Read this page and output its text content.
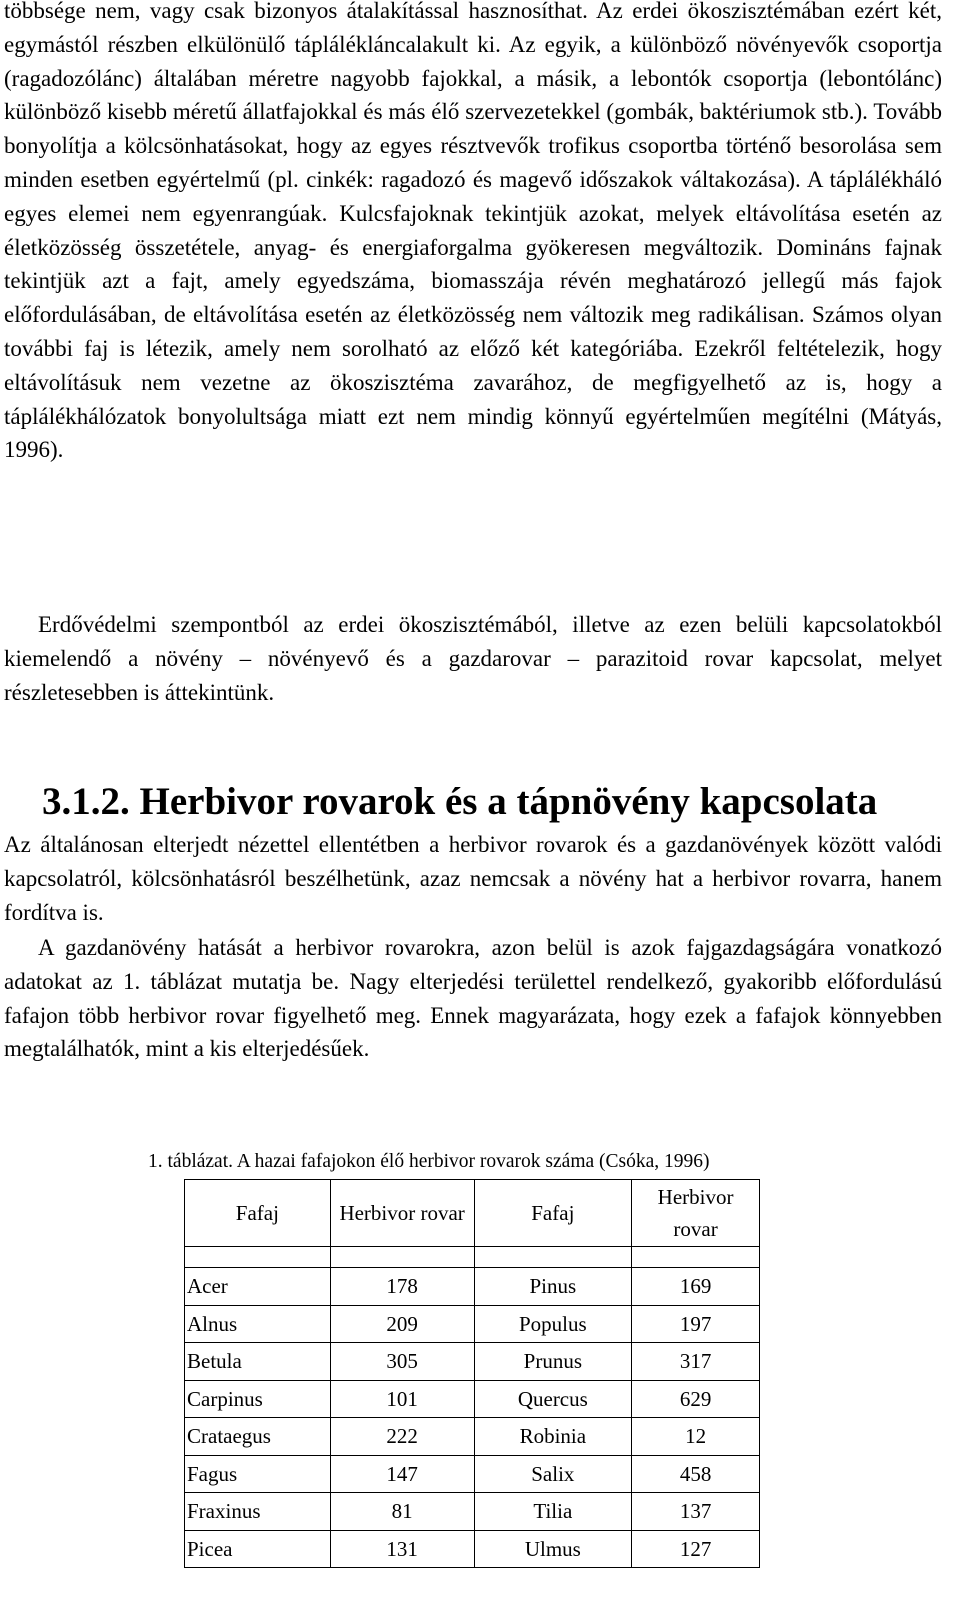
többsége nem, vagy csak bizonyos átalakítással hasznosíthat. Az erdei ökoszisztémában ezért két, egymástól részben elkülönülő táplálékláncalakult ki. Az egyik, a különböző növényevők csoportja (ragadozólánc) általában méretre nagyobb fajokkal, a másik, a lebontók csoportja (lebontólánc) különböző kisebb méretű állatfajokkal és más élő szervezetekkel (gombák, baktériumok stb.). Tovább bonyolítja a kölcsönhatásokat, hogy az egyes résztvevők trofikus csoportba történő besorolása sem minden esetben egyértelmű (pl. cinkék: ragadozó és magevő időszakok váltakozása). A táplálékháló egyes elemei nem egyenrangúak. Kulcsfajoknak tekintjük azokat, melyek eltávolítása esetén az életközösség összetétele, anyag- és energiaforgalma gyökeresen megváltozik. Domináns fajnak tekintjük azt a fajt, amely egyedszáma, biomasszája révén meghatározó jellegű más fajok előfordulásában, de eltávolítása esetén az életközösség nem változik meg radikálisan. Számos olyan további faj is létezik, amely nem sorolható az előző két kategóriába. Ezekről feltételezik, hogy eltávolításuk nem vezetne az ökoszisztéma zavarához, de megfigyelhető az is, hogy a táplálékhálózatok bonyolultsága miatt ezt nem mindig könnyű egyértelműen megítélni (Mátyás, 1996).

Erdővédelmi szempontból az erdei ökoszisztémából, illetve az ezen belüli kapcsolatokból kiemelendő a növény – növényevő és a gazdarovar – parazitoid rovar kapcsolat, melyet részletesebben is áttekintünk.

3.1.2. Herbivor rovarok és a tápnövény kapcsolata

Az általánosan elterjedt nézettel ellentétben a herbivor rovarok és a gazdanövények között valódi kapcsolatról, kölcsönhatásról beszélhetünk, azaz nemcsak a növény hat a herbivor rovarra, hanem fordítva is.

A gazdanövény hatását a herbivor rovarokra, azon belül is azok fajgazdagságára vonatkozó adatokat az 1. táblázat mutatja be. Nagy elterjedési területtel rendelkező, gyakoribb előfordulású fafajon több herbivor rovar figyelhető meg. Ennek magyarázata, hogy ezek a fafajok könnyebben megtalálhatók, mint a kis elterjedésűek.

1. táblázat. A hazai fafajokon élő herbivor rovarok száma (Csóka, 1996)

Fafaj	Herbivor rovar	Fafaj	Herbivor rovar

Acer	178	Pinus	169
Alnus	209	Populus	197
Betula	305	Prunus	317
Carpinus	101	Quercus	629
Crataegus	222	Robinia	12
Fagus	147	Salix	458
Fraxinus	81	Tilia	137
Picea	131	Ulmus	127
